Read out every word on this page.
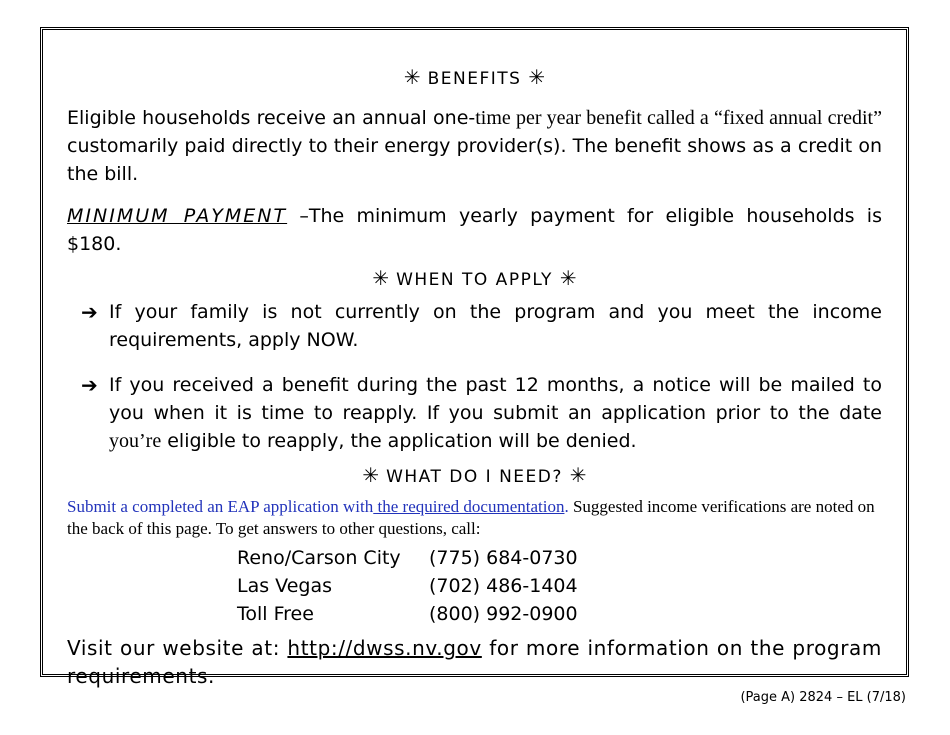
✳ BENEFITS ✳
Eligible households receive an annual one-time per year benefit called a “fixed annual credit” customarily paid directly to their energy provider(s). The benefit shows as a credit on the bill.
MINIMUM PAYMENT –The minimum yearly payment for eligible households is $180.
✳ WHEN TO APPLY ✳
➔ If your family is not currently on the program and you meet the income requirements, apply NOW.
➔ If you received a benefit during the past 12 months, a notice will be mailed to you when it is time to reapply. If you submit an application prior to the date you’re eligible to reapply, the application will be denied.
✳ WHAT DO I NEED? ✳
Submit a completed an EAP application with the required documentation. Suggested income verifications are noted on the back of this page. To get answers to other questions, call:
Reno/Carson City	(775) 684-0730
Las Vegas	(702) 486-1404
Toll Free	(800) 992-0900
Visit our website at: http://dwss.nv.gov for more information on the program requirements.
(Page A) 2824 – EL (7/18)
